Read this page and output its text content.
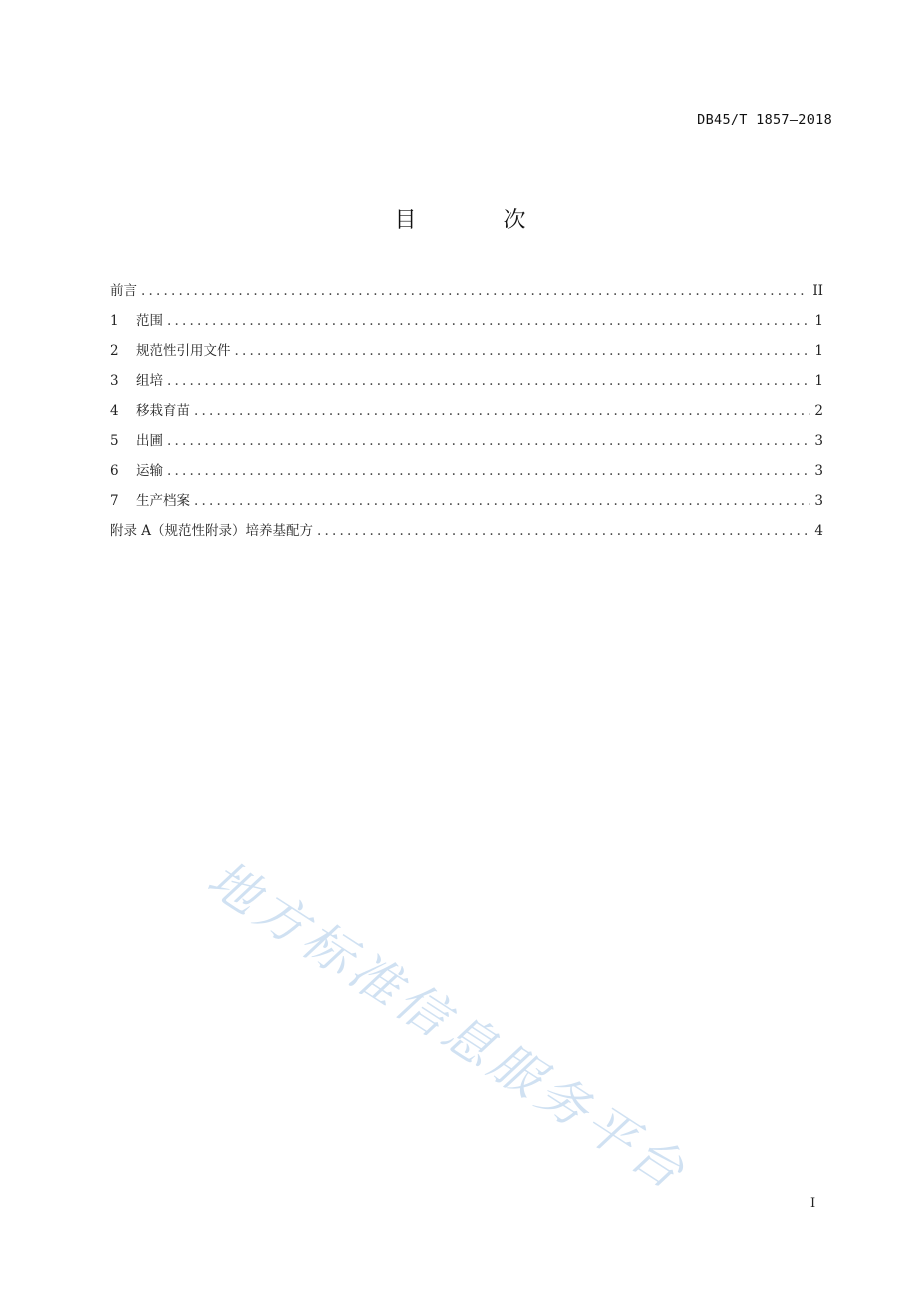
DB45/T 1857—2018
目 次
前言 .....	II
1	范围 .....	1
2	规范性引用文件 .....	1
3	组培 .....	1
4	移栽育苗 .....	2
5	出圃 .....	3
6	运输 .....	3
7	生产档案 .....	3
附录 A（规范性附录）培养基配方 .....	4
地方标准信息服务平台
I
